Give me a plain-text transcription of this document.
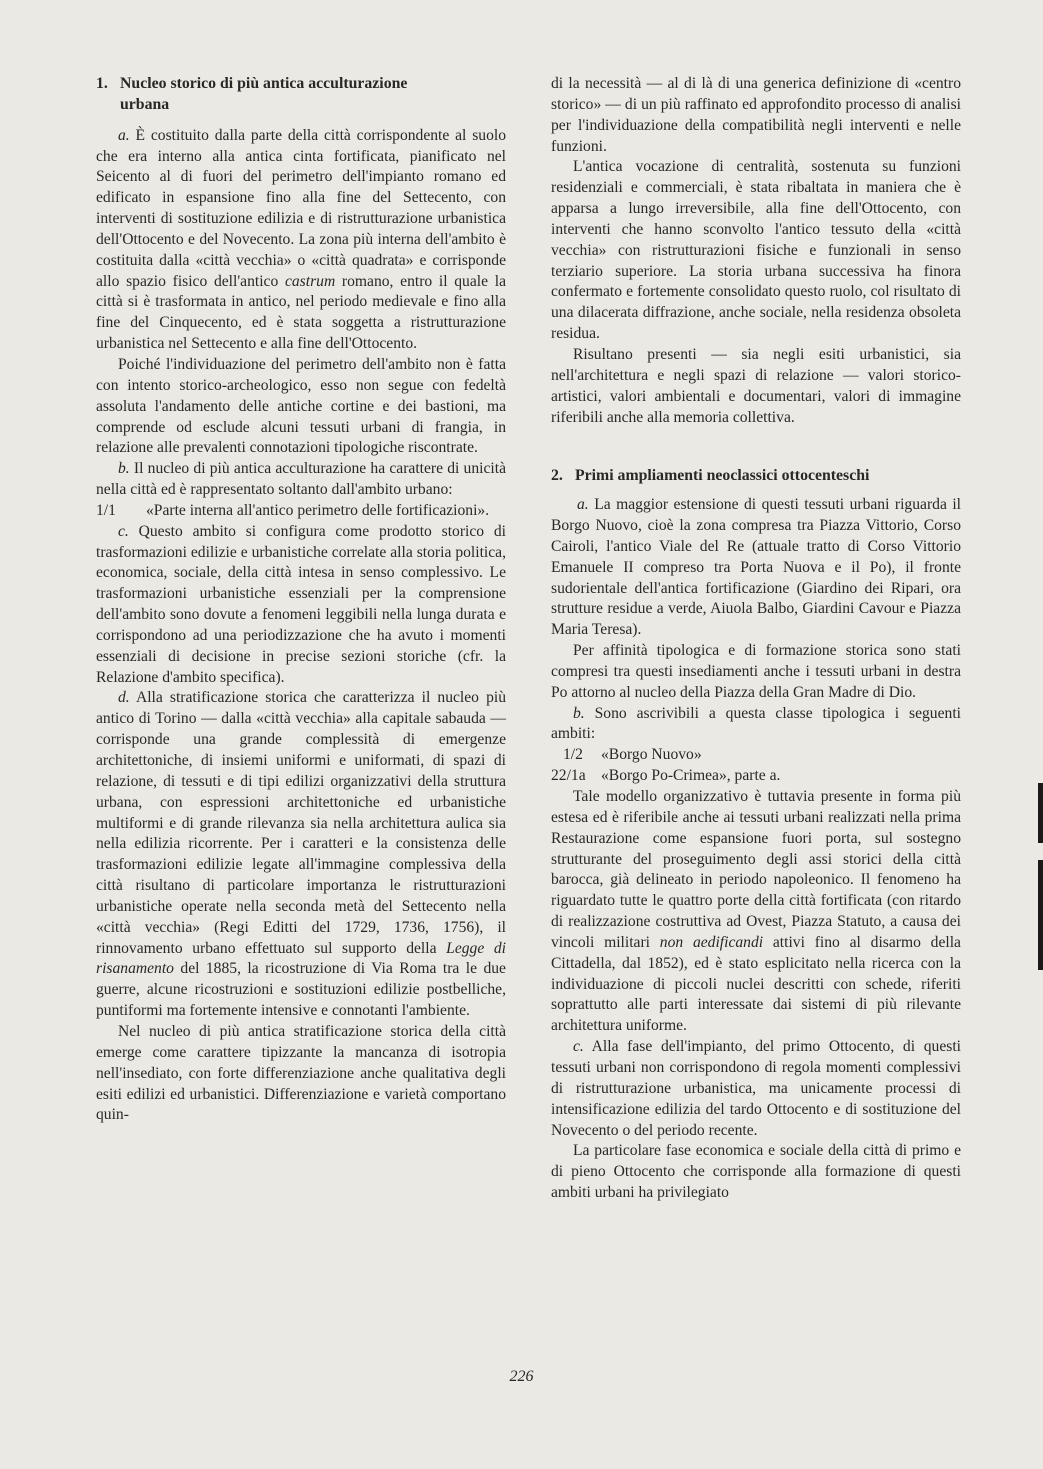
1. Nucleo storico di più antica acculturazione
urbana

a. È costituito dalla parte della città corrispondente al suolo che era interno alla antica cinta fortificata, pianificato nel Seicento al di fuori del perimetro dell'impianto romano ed edificato in espansione fino alla fine del Settecento, con interventi di sostituzione edilizia e di ristrutturazione urbanistica dell'Ottocento e del Novecento. La zona più interna dell'ambito è costituita dalla «città vecchia» o «città quadrata» e corrisponde allo spazio fisico dell'antico castrum romano, entro il quale la città si è trasformata in antico, nel periodo medievale e fino alla fine del Cinquecento, ed è stata soggetta a ristrutturazione urbanistica nel Settecento e alla fine dell'Ottocento.

Poiché l'individuazione del perimetro dell'ambito non è fatta con intento storico-archeologico, esso non segue con fedeltà assoluta l'andamento delle antiche cortine e dei bastioni, ma comprende od esclude alcuni tessuti urbani di frangia, in relazione alle prevalenti connotazioni tipologiche riscontrate.

b. Il nucleo di più antica acculturazione ha carattere di unicità nella città ed è rappresentato soltanto dall'ambito urbano:

1/1 «Parte interna all'antico perimetro delle fortificazioni».

c. Questo ambito si configura come prodotto storico di trasformazioni edilizie e urbanistiche correlate alla storia politica, economica, sociale, della città intesa in senso complessivo. Le trasformazioni urbanistiche essenziali per la comprensione dell'ambito sono dovute a fenomeni leggibili nella lunga durata e corrispondono ad una periodizzazione che ha avuto i momenti essenziali di decisione in precise sezioni storiche (cfr. la Relazione d'ambito specifica).

d. Alla stratificazione storica che caratterizza il nucleo più antico di Torino — dalla «città vecchia» alla capitale sabauda — corrisponde una grande complessità di emergenze architettoniche, di insiemi uniformi e uniformati, di spazi di relazione, di tessuti e di tipi edilizi organizzativi della struttura urbana, con espressioni architettoniche ed urbanistiche multiformi e di grande rilevanza sia nella architettura aulica sia nella edilizia ricorrente. Per i caratteri e la consistenza delle trasformazioni edilizie legate all'immagine complessiva della città risultano di particolare importanza le ristrutturazioni urbanistiche operate nella seconda metà del Settecento nella «città vecchia» (Regi Editti del 1729, 1736, 1756), il rinnovamento urbano effettuato sul supporto della Legge di risanamento del 1885, la ricostruzione di Via Roma tra le due guerre, alcune ricostruzioni e sostituzioni edilizie postbelliche, puntiformi ma fortemente intensive e connotanti l'ambiente.

Nel nucleo di più antica stratificazione storica della città emerge come carattere tipizzante la mancanza di isotropia nell'insediato, con forte differenziazione anche qualitativa degli esiti edilizi ed urbanistici. Differenziazione e varietà comportano quin-

di la necessità — al di là di una generica definizione di «centro storico» — di un più raffinato ed approfondito processo di analisi per l'individuazione della compatibilità negli interventi e nelle funzioni.

L'antica vocazione di centralità, sostenuta su funzioni residenziali e commerciali, è stata ribaltata in maniera che è apparsa a lungo irreversibile, alla fine dell'Ottocento, con interventi che hanno sconvolto l'antico tessuto della «città vecchia» con ristrutturazioni fisiche e funzionali in senso terziario superiore. La storia urbana successiva ha finora confermato e fortemente consolidato questo ruolo, col risultato di una dilacerata diffrazione, anche sociale, nella residenza obsoleta residua.

Risultano presenti — sia negli esiti urbanistici, sia nell'architettura e negli spazi di relazione — valori storico-artistici, valori ambientali e documentari, valori di immagine riferibili anche alla memoria collettiva.

2. Primi ampliamenti neoclassici ottocenteschi

a. La maggior estensione di questi tessuti urbani riguarda il Borgo Nuovo, cioè la zona compresa tra Piazza Vittorio, Corso Cairoli, l'antico Viale del Re (attuale tratto di Corso Vittorio Emanuele II compreso tra Porta Nuova e il Po), il fronte sudorientale dell'antica fortificazione (Giardino dei Ripari, ora strutture residue a verde, Aiuola Balbo, Giardini Cavour e Piazza Maria Teresa).

Per affinità tipologica e di formazione storica sono stati compresi tra questi insediamenti anche i tessuti urbani in destra Po attorno al nucleo della Piazza della Gran Madre di Dio.

b. Sono ascrivibili a questa classe tipologica i seguenti ambiti:

1/2	«Borgo Nuovo»

22/1a «Borgo Po-Crimea», parte a.

Tale modello organizzativo è tuttavia presente in forma più estesa ed è riferibile anche ai tessuti urbani realizzati nella prima Restaurazione come espansione fuori porta, sul sostegno strutturante del proseguimento degli assi storici della città barocca, già delineato in periodo napoleonico. Il fenomeno ha riguardato tutte le quattro porte della città fortificata (con ritardo di realizzazione costruttiva ad Ovest, Piazza Statuto, a causa dei vincoli militari non aedificandi attivi fino al disarmo della Cittadella, dal 1852), ed è stato esplicitato nella ricerca con la individuazione di piccoli nuclei descritti con schede, riferiti soprattutto alle parti interessate dai sistemi di più rilevante architettura uniforme.

c. Alla fase dell'impianto, del primo Ottocento, di questi tessuti urbani non corrispondono di regola momenti complessivi di ristrutturazione urbanistica, ma unicamente processi di intensificazione edilizia del tardo Ottocento e di sostituzione del Novecento o del periodo recente.

La particolare fase economica e sociale della città di primo e di pieno Ottocento che corrisponde alla formazione di questi ambiti urbani ha privilegiato

226
